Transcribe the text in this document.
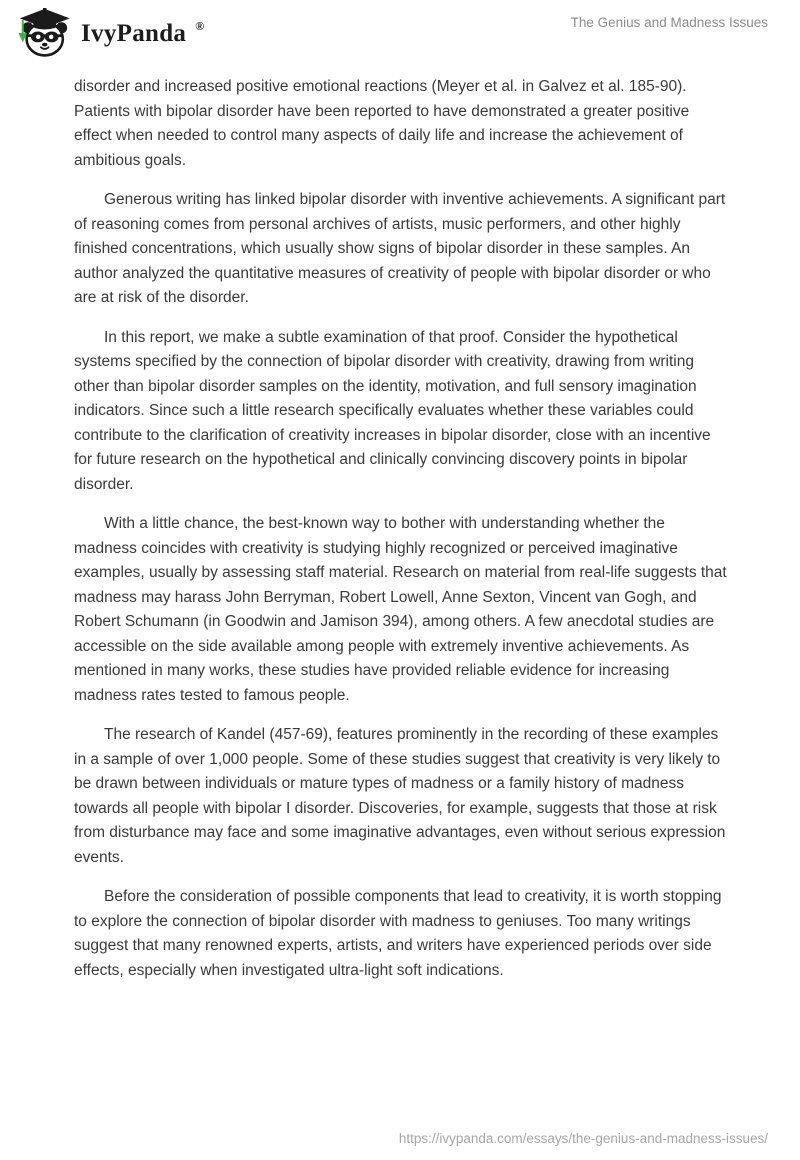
IvyPanda ®	The Genius and Madness Issues

disorder and increased positive emotional reactions (Meyer et al. in Galvez et al. 185-90). Patients with bipolar disorder have been reported to have demonstrated a greater positive effect when needed to control many aspects of daily life and increase the achievement of ambitious goals.

Generous writing has linked bipolar disorder with inventive achievements. A significant part of reasoning comes from personal archives of artists, music performers, and other highly finished concentrations, which usually show signs of bipolar disorder in these samples. An author analyzed the quantitative measures of creativity of people with bipolar disorder or who are at risk of the disorder.

In this report, we make a subtle examination of that proof. Consider the hypothetical systems specified by the connection of bipolar disorder with creativity, drawing from writing other than bipolar disorder samples on the identity, motivation, and full sensory imagination indicators. Since such a little research specifically evaluates whether these variables could contribute to the clarification of creativity increases in bipolar disorder, close with an incentive for future research on the hypothetical and clinically convincing discovery points in bipolar disorder.

With a little chance, the best-known way to bother with understanding whether the madness coincides with creativity is studying highly recognized or perceived imaginative examples, usually by assessing staff material. Research on material from real-life suggests that madness may harass John Berryman, Robert Lowell, Anne Sexton, Vincent van Gogh, and Robert Schumann (in Goodwin and Jamison 394), among others. A few anecdotal studies are accessible on the side available among people with extremely inventive achievements. As mentioned in many works, these studies have provided reliable evidence for increasing madness rates tested to famous people.

The research of Kandel (457-69), features prominently in the recording of these examples in a sample of over 1,000 people. Some of these studies suggest that creativity is very likely to be drawn between individuals or mature types of madness or a family history of madness towards all people with bipolar I disorder. Discoveries, for example, suggests that those at risk from disturbance may face and some imaginative advantages, even without serious expression events.

Before the consideration of possible components that lead to creativity, it is worth stopping to explore the connection of bipolar disorder with madness to geniuses. Too many writings suggest that many renowned experts, artists, and writers have experienced periods over side effects, especially when investigated ultra-light soft indications.

https://ivypanda.com/essays/the-genius-and-madness-issues/
